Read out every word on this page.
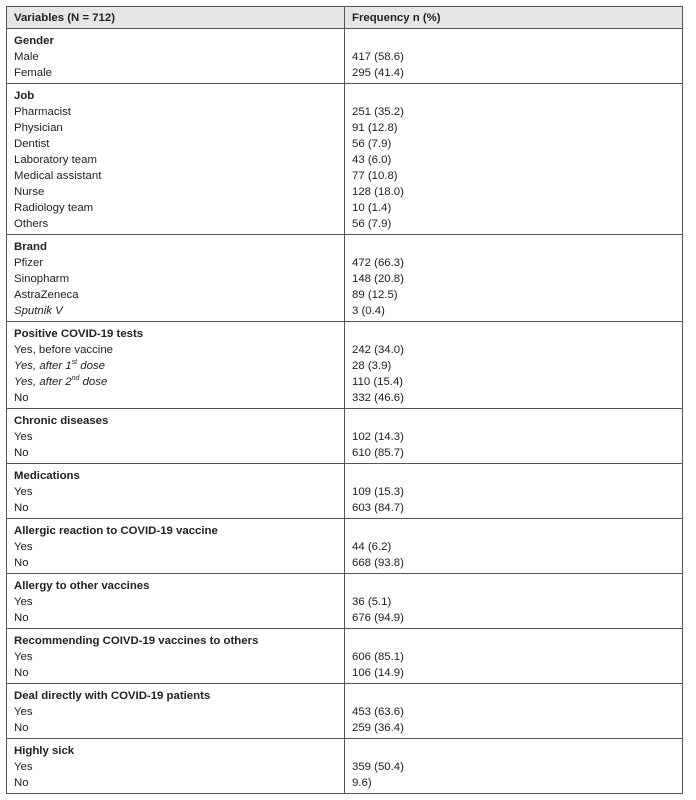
Variables (N = 712)	Frequency n (%)
Gender
Male
Female
417 (58.6)
295 (41.4)
Job
Pharmacist
Physician
Dentist
Laboratory team
Medical assistant
Nurse
Radiology team
Others
251 (35.2)
91 (12.8)
56 (7.9)
43 (6.0)
77 (10.8)
128 (18.0)
10 (1.4)
56 (7.9)
Brand
Pfizer
Sinopharm
AstraZeneca
Sputnik V
472 (66.3)
148 (20.8)
89 (12.5)
3 (0.4)
Positive COVID-19 tests
Yes, before vaccine
Yes, after 1st dose
Yes, after 2nd dose
No
242 (34.0)
28 (3.9)
110 (15.4)
332 (46.6)
Chronic diseases
Yes
No
102 (14.3)
610 (85.7)
Medications
Yes
No
109 (15.3)
603 (84.7)
Allergic reaction to COVID-19 vaccine
Yes
No
44 (6.2)
668 (93.8)
Allergy to other vaccines
Yes
No
36 (5.1)
676 (94.9)
Recommending COIVD-19 vaccines to others
Yes
No
606 (85.1)
106 (14.9)
Deal directly with COVID-19 patients
Yes
No
453 (63.6)
259 (36.4)
Highly sick
Yes
No
359 (50.4)
9.6)
